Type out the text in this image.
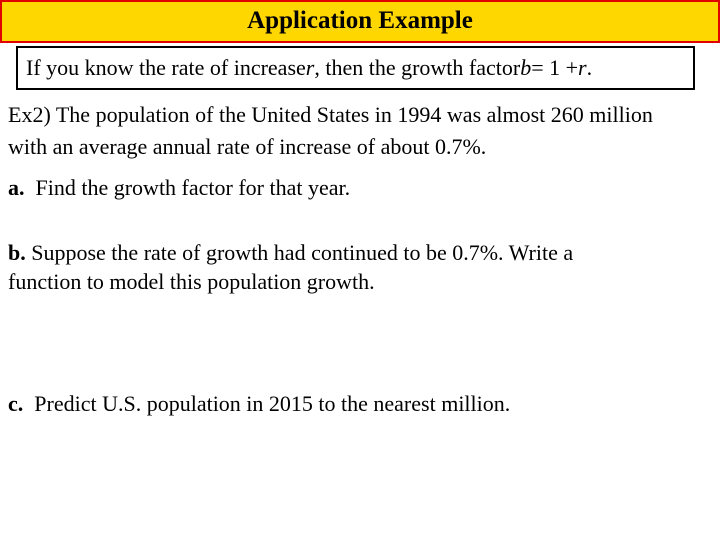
Application Example
If you know the rate of increase r , then the growth factor b = 1 + r .
Ex2) The population of the United States in 1994 was almost 260 million
with an average annual rate of increase of about 0.7%.
a. Find the growth factor for that year.
b. Suppose the rate of growth had continued to be 0.7%. Write a
function to model this population growth.
c. Predict U.S. population in 2015 to the nearest million.
